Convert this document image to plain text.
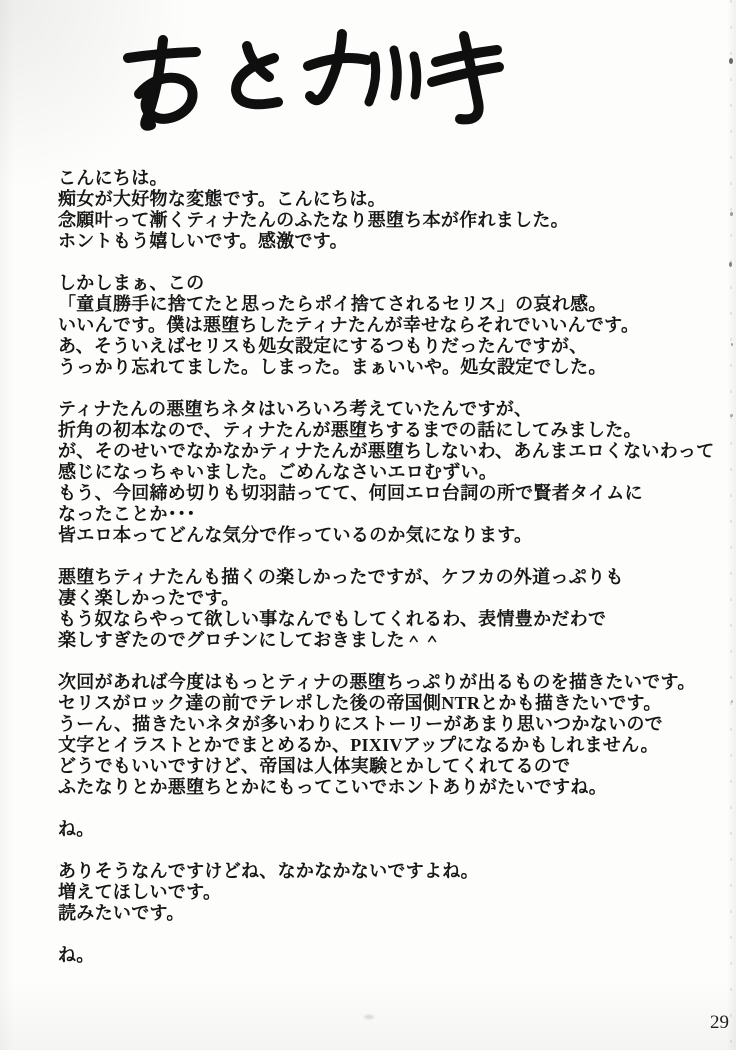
こんにちは。
痴女が大好物な変態です。こんにちは。
念願叶って漸くティナたんのふたなり悪堕ち本が作れました。
ホントもう嬉しいです。感激です。

しかしまぁ、この
「童貞勝手に捨てたと思ったらポイ捨てされるセリス」の哀れ感。
いいんです。僕は悪堕ちしたティナたんが幸せならそれでいいんです。
あ、そういえばセリスも処女設定にするつもりだったんですが、
うっかり忘れてました。しまった。まぁいいや。処女設定でした。

ティナたんの悪堕ちネタはいろいろ考えていたんですが、
折角の初本なので、ティナたんが悪堕ちするまでの話にしてみました。
が、そのせいでなかなかティナたんが悪堕ちしないわ、あんまエロくないわって
感じになっちゃいました。ごめんなさいエロむずい。
もう、今回締め切りも切羽詰ってて、何回エロ台詞の所で賢者タイムに
なったことか･･･
皆エロ本ってどんな気分で作っているのか気になります。

悪堕ちティナたんも描くの楽しかったですが、ケフカの外道っぷりも
凄く楽しかったです。
もう奴ならやって欲しい事なんでもしてくれるわ、表情豊かだわで
楽しすぎたのでグロチンにしておきました＾＾

次回があれば今度はもっとティナの悪堕ちっぷりが出るものを描きたいです。
セリスがロック達の前でテレポした後の帝国側NTRとかも描きたいです。
うーん、描きたいネタが多いわりにストーリーがあまり思いつかないので
文字とイラストとかでまとめるか、PIXIVアップになるかもしれません。
どうでもいいですけど、帝国は人体実験とかしてくれてるので
ふたなりとか悪堕ちとかにもってこいでホントありがたいですね。

ね。

ありそうなんですけどね、なかなかないですよね。
増えてほしいです。
読みたいです。

ね。

29
